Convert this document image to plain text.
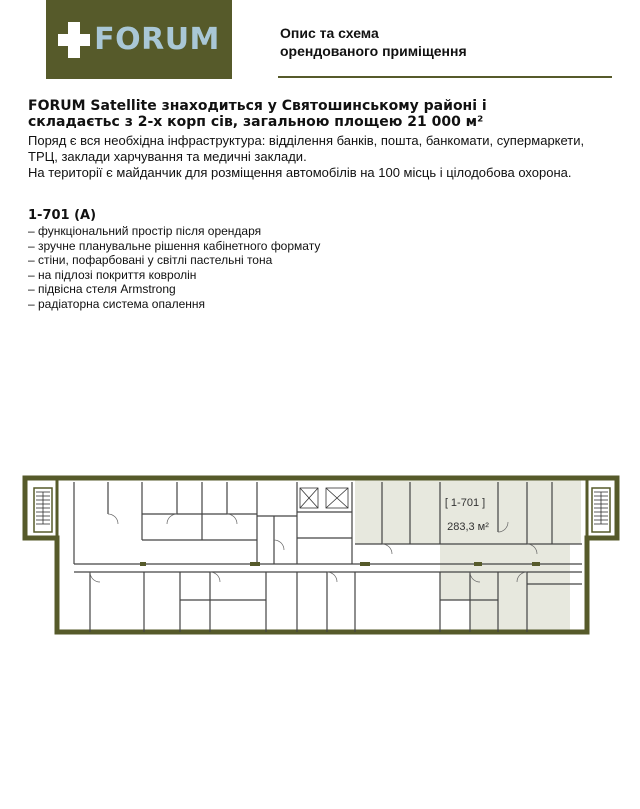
FORUM	Опис та схема
орендованого приміщення
FORUM Satellite знаходиться у Святошинському районі і
складаєтьс з 2-х корп сів, загальною площею 21 000 м²
Поряд є вся необхідна інфраструктура: відділення банків, пошта, банкомати, супермаркети,
ТРЦ, заклади харчування та медичні заклади.
На території є майданчик для розміщення автомобілів на 100 місць і цілодобова охорона.
1-701 (A)
– функціональний простір після орендаря
– зручне планувальне рішення кабінетного формату
– стіни, пофарбовані у світлі пастельні тона
– на підлозі покриття ковролін
– підвісна стеля Armstrong
– радіаторна система опалення
[ 1-701 ]
283,3 м²
